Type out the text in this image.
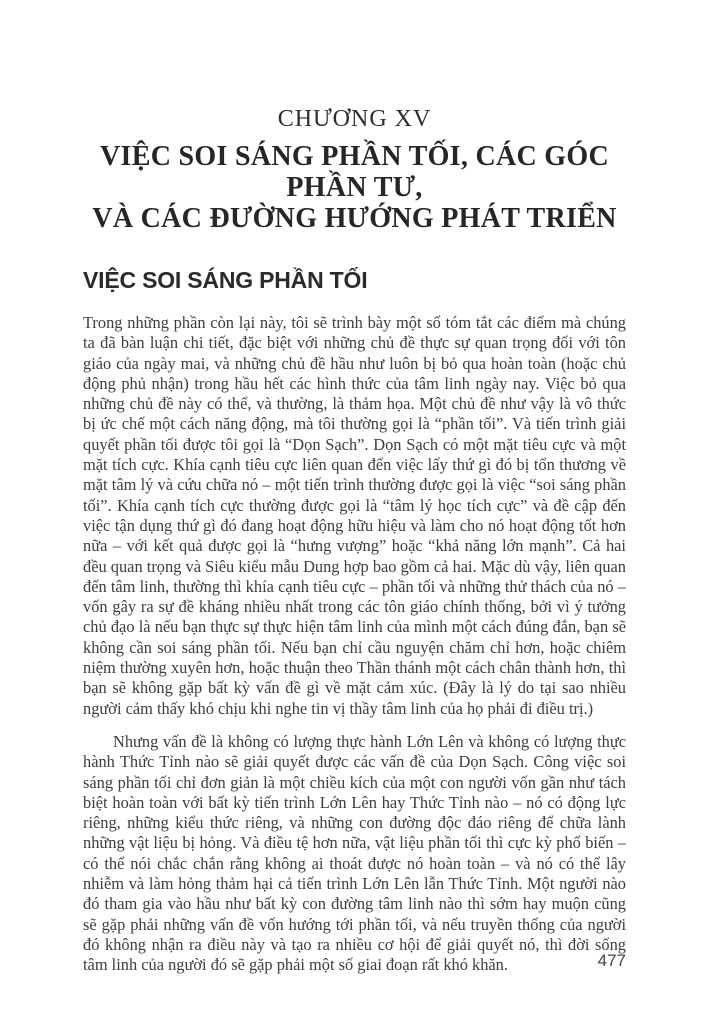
CHƯƠNG XV
VIỆC SOI SÁNG PHẦN TỐI, CÁC GÓC PHẦN TƯ,
VÀ CÁC ĐƯỜNG HƯỚNG PHÁT TRIỂN
VIỆC SOI SÁNG PHẦN TỐI

Trong những phần còn lại này, tôi sẽ trình bày một số tóm tắt các điểm mà chúng ta đã bàn luận chi tiết, đặc biệt với những chủ đề thực sự quan trọng đối với tôn giáo của ngày mai, và những chủ đề hầu như luôn bị bỏ qua hoàn toàn (hoặc chủ động phủ nhận) trong hầu hết các hình thức của tâm linh ngày nay. Việc bỏ qua những chủ đề này có thể, và thường, là thảm họa. Một chủ đề như vậy là vô thức bị ức chế một cách năng động, mà tôi thường gọi là “phần tối”. Và tiến trình giải quyết phần tối được tôi gọi là “Dọn Sạch”. Dọn Sạch có một mặt tiêu cực và một mặt tích cực. Khía cạnh tiêu cực liên quan đến việc lấy thứ gì đó bị tổn thương về mặt tâm lý và cứu chữa nó – một tiến trình thường được gọi là việc “soi sáng phần tối”. Khía cạnh tích cực thường được gọi là “tâm lý học tích cực” và đề cập đến việc tận dụng thứ gì đó đang hoạt động hữu hiệu và làm cho nó hoạt động tốt hơn nữa – với kết quả được gọi là “hưng vượng” hoặc “khả năng lớn mạnh”. Cả hai đều quan trọng và Siêu kiểu mẫu Dung hợp bao gồm cả hai. Mặc dù vậy, liên quan đến tâm linh, thường thì khía cạnh tiêu cực – phần tối và những thử thách của nó – vốn gây ra sự đề kháng nhiều nhất trong các tôn giáo chính thống, bởi vì ý tưởng chủ đạo là nếu bạn thực sự thực hiện tâm linh của mình một cách đúng đắn, bạn sẽ không cần soi sáng phần tối. Nếu bạn chỉ cầu nguyện chăm chỉ hơn, hoặc chiêm niệm thường xuyên hơn, hoặc thuận theo Thần thánh một cách chân thành hơn, thì bạn sẽ không gặp bất kỳ vấn đề gì về mặt cảm xúc. (Đây là lý do tại sao nhiều người cảm thấy khó chịu khi nghe tin vị thầy tâm linh của họ phải đi điều trị.)

Nhưng vấn đề là không có lượng thực hành Lớn Lên và không có lượng thực hành Thức Tỉnh nào sẽ giải quyết được các vấn đề của Dọn Sạch. Công việc soi sáng phần tối chỉ đơn giản là một chiều kích của một con người vốn gần như tách biệt hoàn toàn với bất kỳ tiến trình Lớn Lên hay Thức Tỉnh nào – nó có động lực riêng, những kiểu thức riêng, và những con đường độc đáo riêng để chữa lành những vật liệu bị hỏng. Và điều tệ hơn nữa, vật liệu phần tối thì cực kỳ phổ biến – có thể nói chắc chắn rằng không ai thoát được nó hoàn toàn – và nó có thể lây nhiễm và làm hỏng thảm hại cả tiến trình Lớn Lên lẫn Thức Tỉnh. Một người nào đó tham gia vào hầu như bất kỳ con đường tâm linh nào thì sớm hay muộn cũng sẽ gặp phải những vấn đề vốn hướng tới phần tối, và nếu truyền thống của người đó không nhận ra điều này và tạo ra nhiều cơ hội để giải quyết nó, thì đời sống tâm linh của người đó sẽ gặp phải một số giai đoạn rất khó khăn.	477
